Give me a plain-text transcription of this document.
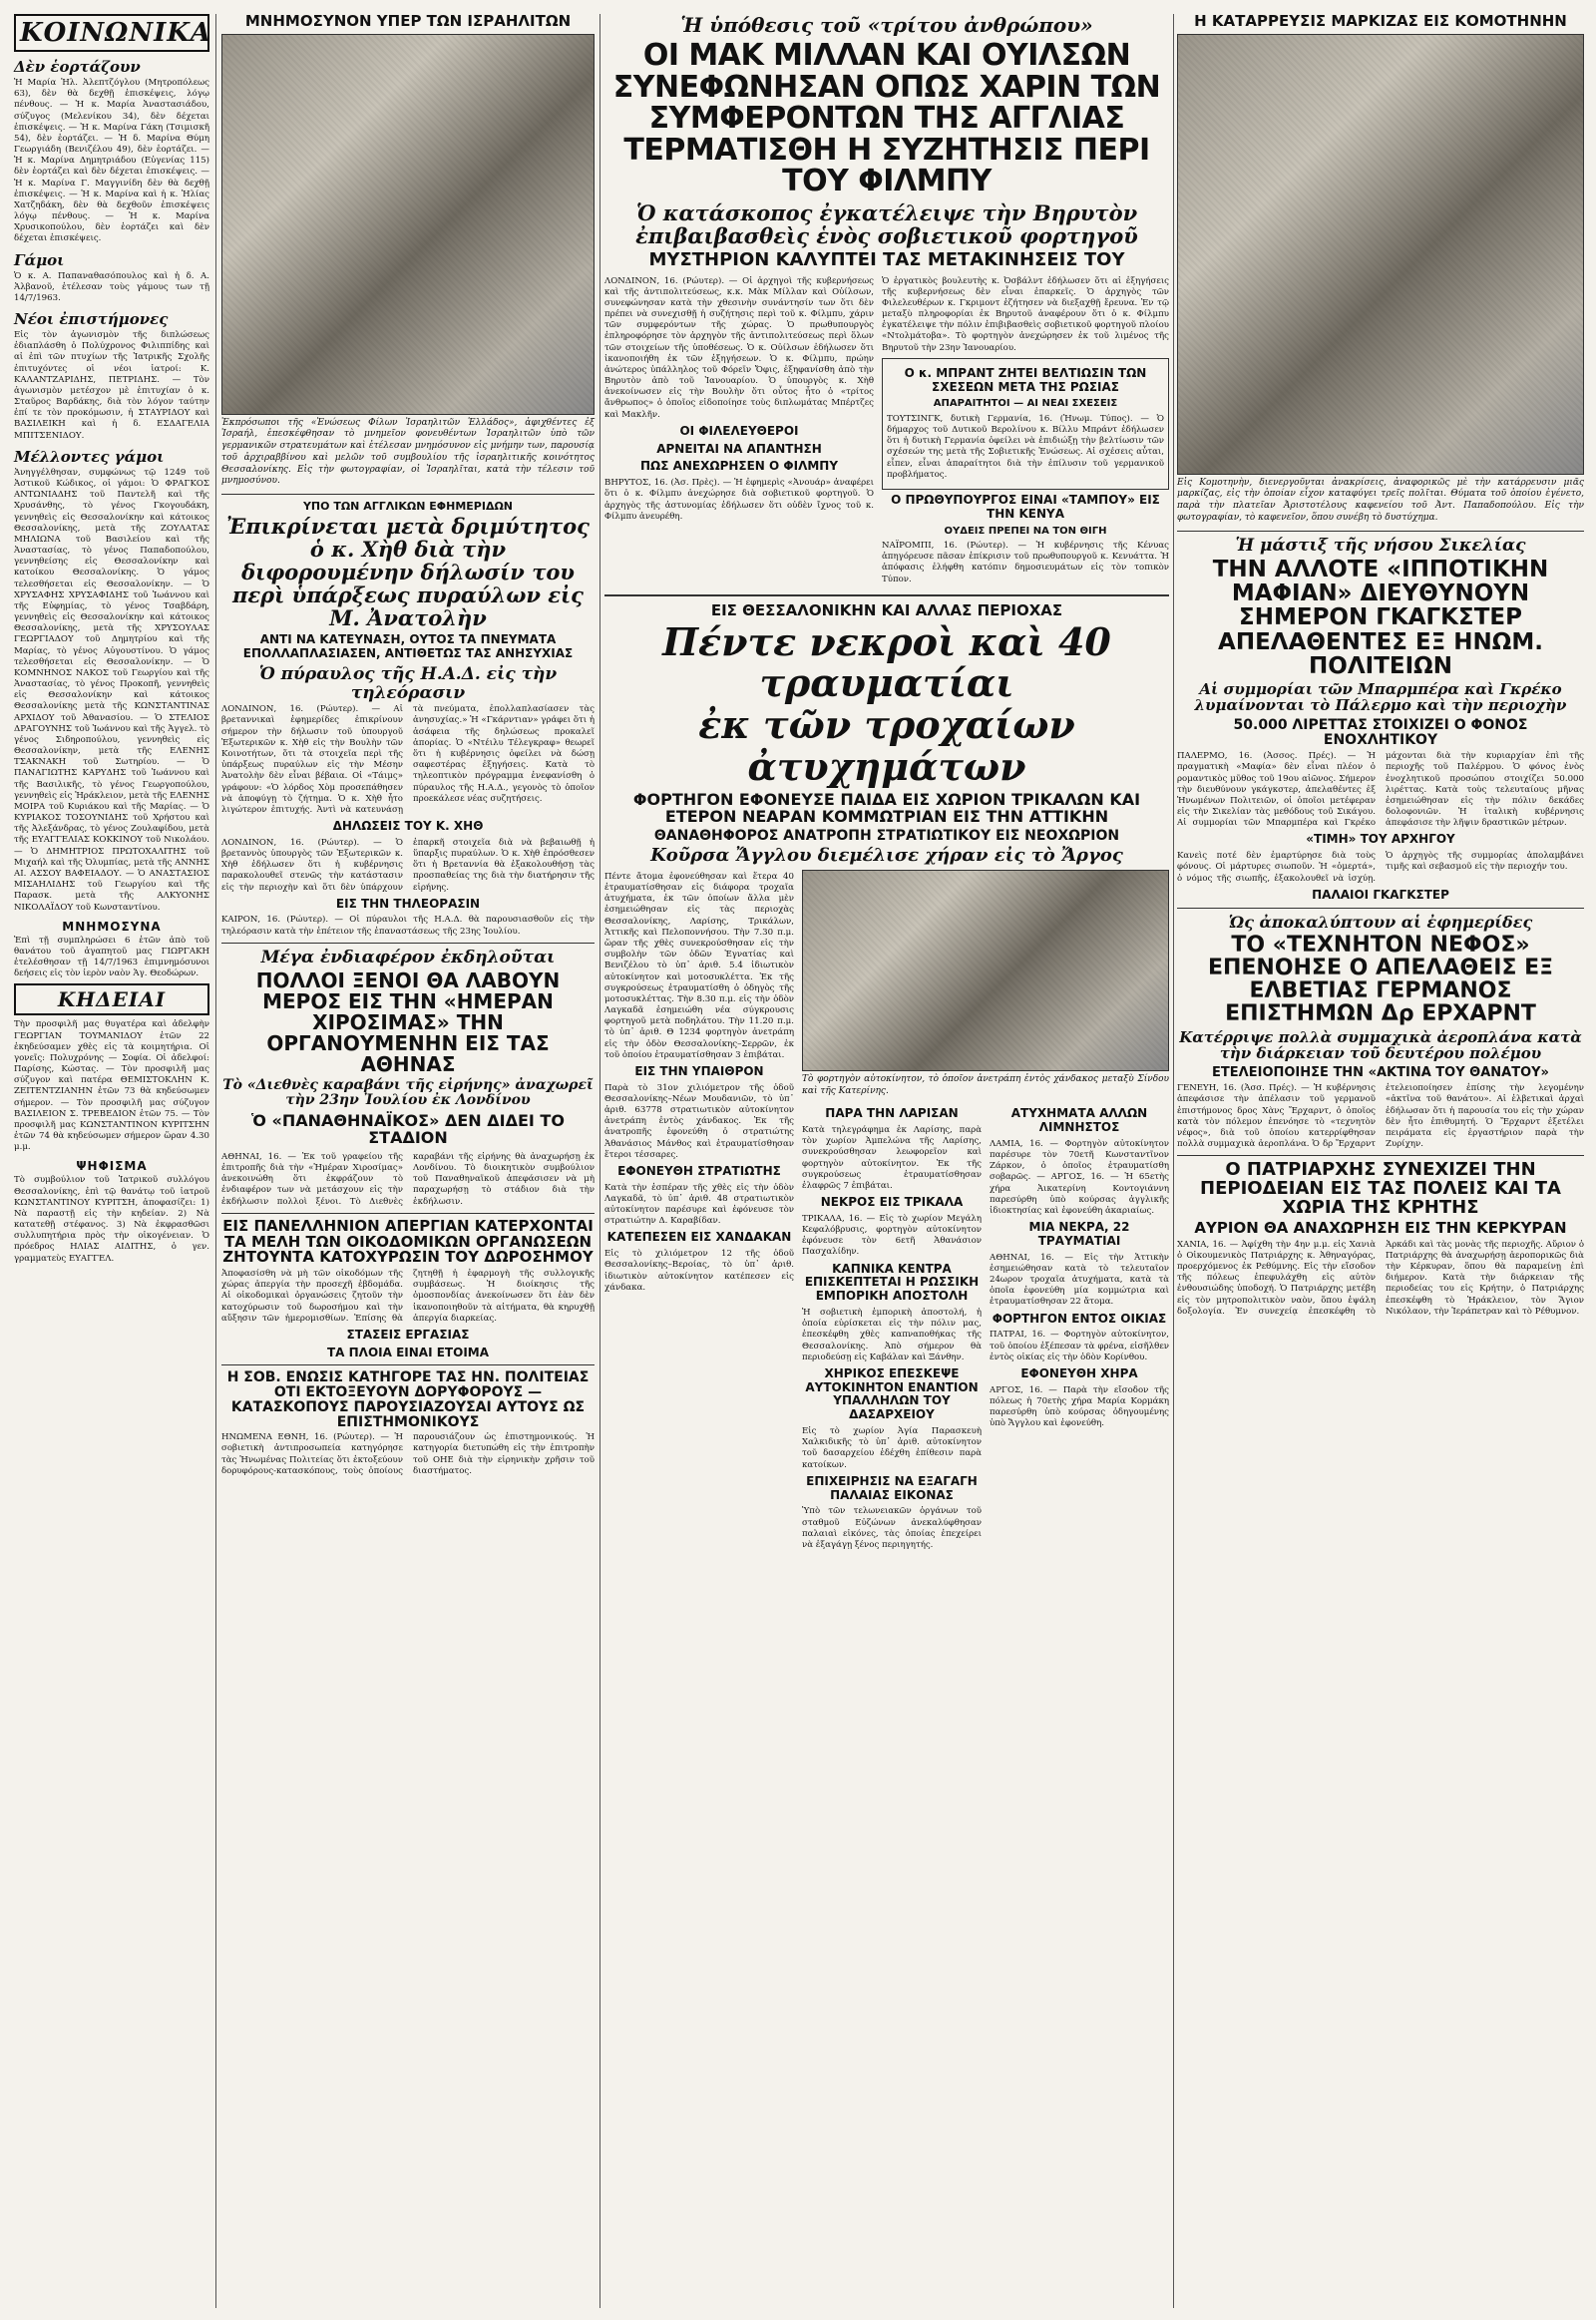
ΚΟΙΝΩΝΙΚΑ
Δὲν ἑορτάζουν
Ἡ Μαρία Ἡλ. Ἀλεπτζόγλου (Μητροπόλεως 63), δὲν θὰ δεχθῇ ἐπισκέψεις, λόγῳ πένθους. — Ἡ κ. Μαρία Ἀναστασιάδου, σύζυγος (Μελενίκου 34), δὲν δέχεται ἐπισκέψεις. — Ἡ κ. Μαρίνα Γάκη (Τσιμισκῆ 54), δὲν ἑορτάζει. — Ἡ δ. Μαρίνα Θύμη Γεωργιάδη (Βενιζέλου 49), δὲν ἑορτάζει. — Ἡ κ. Μαρίνα Δημητριάδου (Εὐγενίας 115) δὲν ἑορτάζει καὶ δὲν δέχεται ἐπισκέψεις. — Ἡ κ. Μαρίνα Γ. Μαγγινίδη δὲν θὰ δεχθῇ ἐπισκέψεις. — Ἡ κ. Μαρίνα καὶ ἡ κ. Ἠλίας Χατζηδάκη, δὲν θὰ δεχθοῦν ἐπισκέψεις λόγῳ πένθους. — Ἡ κ. Μαρίνα Χρυσικοπούλου, δὲν ἑορτάζει καὶ δὲν δέχεται ἐπισκέψεις.
Γάμοι
Ὁ κ. Α. Παπαναθασόπουλος καὶ ἡ δ. Α. Ἀλβανοῦ, ἐτέλεσαν τοὺς γάμους των τῇ 14/7/1963.
Νέοι ἐπιστήμονες
Εἰς τὸν ἀγωνισμὸν τῆς διπλώσεως ἐδιαπλάσθη ὁ Πολύχρονος Φιλιππίδης καὶ αἱ ἐπὶ τῶν πτυχίων τῆς Ἰατρικῆς Σχολῆς ἐπιτυχόντες οἱ νέοι ἰατροί: Κ. ΚΑΛΑΝΤΖΑΡΙΔΗΣ, ΠΕΤΡΙΔΗΣ. — Τὸν ἀγωνισμὸν μετέσχον μὲ ἐπιτυχίαν ὁ κ. Σταῦρος Βαρδάκης, διὰ τὸν λόγον ταύτην ἐπί τε τὸν προκόμωσιν, ἡ ΣΤΑΥΡΙΔΟΥ καὶ ΒΑΣΙΛΕΙΚΗ καὶ ἡ δ. ΕΣΔΑΓΕΛΙΑ ΜΠΙΤΣΕΝΙΔΟΥ.
Μέλλοντες γάμοι
Ἀνηγγέλθησαν, συμφώνως τῷ 1249 τοῦ Ἀστικοῦ Κώδικος, οἱ γάμοι: Ὁ ΦΡΑΓΚΟΣ ΑΝΤΩΝΙΑΔΗΣ τοῦ Παντελῆ καὶ τῆς Χρυσάνθης, τὸ γένος Γκογουδάκη, γεννηθεὶς εἰς Θεσσαλονίκην καὶ κάτοικος Θεσσαλονίκης, μετὰ τῆς ΖΟΥΛΑΤΑΣ ΜΗΛΙΩΝΑ τοῦ Βασιλείου καὶ τῆς Ἀναστασίας, τὸ γένος Παπαδοπούλου, γεννηθείσης εἰς Θεσσαλονίκην καὶ κατοίκου Θεσσαλονίκης. Ὁ γάμος τελεσθήσεται εἰς Θεσσαλονίκην. — Ὁ ΧΡΥΣΑΦΗΣ ΧΡΥΣΑΦΙΔΗΣ τοῦ Ἰωάννου καὶ τῆς Εὐφημίας, τὸ γένος Τσαβδάρη, γεννηθεὶς εἰς Θεσσαλονίκην καὶ κάτοικος Θεσσαλονίκης, μετὰ τῆς ΧΡΥΣΟΥΛΑΣ ΓΕΩΡΓΙΑΔΟΥ τοῦ Δημητρίου καὶ τῆς Μαρίας, τὸ γένος Αὐγουστίνου. Ὁ γάμος τελεσθήσεται εἰς Θεσσαλονίκην. — Ὁ ΚΟΜΝΗΝΟΣ ΝΑΚΟΣ τοῦ Γεωργίου καὶ τῆς Ἀναστασίας, τὸ γένος Προκοπῆ, γεννηθεὶς εἰς Θεσσαλονίκην καὶ κάτοικος Θεσσαλονίκης μετὰ τῆς ΚΩΝΣΤΑΝΤΙΝΑΣ ΑΡΧΙΔΟΥ τοῦ Ἀθανασίου. — Ὁ ΣΤΕΛΙΟΣ ΔΡΑΓΟΥΝΗΣ τοῦ Ἰωάννου καὶ τῆς Ἀγγελ. τὸ γένος Σιδηροπούλου, γεννηθεὶς εἰς Θεσσαλονίκην, μετὰ τῆς ΕΛΕΝΗΣ ΤΣΑΚΝΑΚΗ τοῦ Σωτηρίου. — Ὁ ΠΑΝΑΓΙΩΤΗΣ ΚΑΡΥΔΗΣ τοῦ Ἰωάννου καὶ τῆς Βασιλικῆς, τὸ γένος Γεωργοπούλου, γεννηθεὶς εἰς Ἠράκλειον, μετὰ τῆς ΕΛΕΝΗΣ ΜΟΙΡΑ τοῦ Κυριάκου καὶ τῆς Μαρίας. — Ὁ ΚΥΡΙΑΚΟΣ ΤΟΣΟΥΝΙΔΗΣ τοῦ Χρήστου καὶ τῆς Ἀλεξάνδρας, τὸ γένος Ζουλαφίδου, μετὰ τῆς ΕΥΑΓΓΕΛΙΑΣ ΚΟΚΚΙΝΟΥ τοῦ Νικολάου. — Ὁ ΔΗΜΗΤΡΙΟΣ ΠΡΩΤΟΧΑΛΙΤΗΣ τοῦ Μιχαήλ καὶ τῆς Ὀλυμπίας, μετὰ τῆς ΑΝΝΗΣ ΑΙ. ΑΣΣΟΥ ΒΑΦΕΙΑΔΟΥ. — Ὁ ΑΝΑΣΤΑΣΙΟΣ ΜΙΣΑΗΛΙΔΗΣ τοῦ Γεωργίου καὶ τῆς Παρασκ. μετὰ τῆς ΑΛΚΥΟΝΗΣ ΝΙΚΟΛΑΪΔΟΥ τοῦ Κωνσταντίνου.
ΜΝΗΜΟΣΥΝΑ
Ἐπὶ τῇ συμπληρώσει 6 ἐτῶν ἀπὸ τοῦ θανάτου τοῦ ἀγαπητοῦ μας ΓΙΩΡΓΑΚΗ ἐτελέσθησαν τῇ 14/7/1963 ἐπιμνημόσυνοι δεήσεις εἰς τὸν ἱερὸν ναὸν Ἁγ. Θεοδώρων.
ΚΗΔΕΙΑΙ
Τὴν προσφιλῆ μας θυγατέρα καὶ ἀδελφὴν ΓΕΩΡΓΙΑΝ ΤΟΥΜΑΝΙΔΟΥ ἐτῶν 22 ἐκηδεύσαμεν χθὲς εἰς τὰ κοιμητήρια. Οἱ γονεῖς: Πολυχρόνης — Σοφία. Οἱ ἀδελφοί: Παρίσης, Κώστας. — Τὸν προσφιλῆ μας σύζυγον καὶ πατέρα ΘΕΜΙΣΤΟΚΛΗΝ Κ. ΖΕΙΤΕΝΤΖΙΑΝΗΝ ἐτῶν 73 θὰ κηδεύσωμεν σήμερον. — Τὸν προσφιλῆ μας σύζυγον ΒΑΣΙΛΕΙΟΝ Σ. ΤΡΕΒΕΔΙΟΝ ἐτῶν 75. — Τὸν προσφιλῆ μας ΚΩΝΣΤΑΝΤΙΝΟΝ ΚΥΡΙΤΣΗΝ ἐτῶν 74 θὰ κηδεύσωμεν σήμερον ὥραν 4.30 μ.μ.
ΨΗΦΙΣΜΑ
Τὸ συμβούλιον τοῦ Ἰατρικοῦ συλλόγου Θεσσαλονίκης, ἐπὶ τῷ θανάτῳ τοῦ ἰατροῦ ΚΩΝΣΤΑΝΤΙΝΟΥ ΚΥΡΙΤΣΗ, ἀποφασίζει: 1) Νὰ παραστῇ εἰς τὴν κηδείαν. 2) Νὰ κατατεθῇ στέφανος. 3) Νὰ ἐκφρασθῶσι συλλυπητήρια πρὸς τὴν οἰκογένειαν. Ὁ πρόεδρος ΗΛΙΑΣ ΑΙΔΙΤΗΣ, ὁ γεν. γραμματεὺς ΕΥΑΓΓΕΛ.
ΜΝΗΜΟΣΥΝΟΝ ΥΠΕΡ ΤΩΝ ΙΣΡΑΗΛΙΤΩΝ
Ἐκπρόσωποι τῆς «Ἑνώσεως Φίλων Ἰσραηλιτῶν Ἑλλάδος», ἀφιχθέντες ἐξ Ἰσραήλ, ἐπεσκέφθησαν τὸ μνημεῖον φονευθέντων Ἰσραηλιτῶν ὑπὸ τῶν γερμανικῶν στρατευμάτων καὶ ἐτέλεσαν μνημόσυνον εἰς μνήμην των, παρουσίᾳ τοῦ ἀρχιραββίνου καὶ μελῶν τοῦ συμβουλίου τῆς ἰσραηλιτικῆς κοινότητος Θεσσαλονίκης. Εἰς τὴν φωτογραφίαν, οἱ Ἰσραηλῖται, κατὰ τὴν τέλεσιν τοῦ μνημοσύνου.
ΥΠΟ ΤΩΝ ΑΓΓΛΙΚΩΝ ΕΦΗΜΕΡΙΔΩΝ
Ἐπικρίνεται μετὰ δριμύτητος ὁ κ. Χὴθ διὰ τὴν διφορουμένην δήλωσίν του περὶ ὑπάρξεως πυραύλων εἰς Μ. Ἀνατολὴν
ΑΝΤΙ ΝΑ ΚΑΤΕΥΝΑΣΗ, ΟΥΤΟΣ ΤΑ ΠΝΕΥΜΑΤΑ ΕΠΟΛΛΑΠΛΑΣΙΑΣΕΝ, ΑΝΤΙΘΕΤΩΣ ΤΑΣ ΑΝΗΣΥΧΙΑΣ
Ὁ πύραυλος τῆς Η.Α.Δ. εἰς τὴν τηλεόρασιν
ΛΟΝΔΙΝΟΝ, 16. (Ρώυτερ). — Αἱ βρεταννικαὶ ἐφημερίδες ἐπικρίνουν σήμερον τὴν δήλωσιν τοῦ ὑπουργοῦ Ἐξωτερικῶν κ. Χὴθ εἰς τὴν Βουλὴν τῶν Κοινοτήτων, ὅτι τὰ στοιχεῖα περὶ τῆς ὑπάρξεως πυραύλων εἰς τὴν Μέσην Ἀνατολὴν δὲν εἶναι βέβαια. Οἱ «Τάιμς» γράφουν: «Ὁ λόρδος Χὸμ προσεπάθησεν νὰ ἀποφύγῃ τὸ ζήτημα. Ὁ κ. Χὴθ ἦτο λιγώτερον ἐπιτυχής. Ἀντὶ νὰ κατευνάσῃ τὰ πνεύματα, ἐπολλαπλασίασεν τὰς ἀνησυχίας.» Ἡ «Γκάρντιαν» γράφει ὅτι ἡ ἀσάφεια τῆς δηλώσεως προκαλεῖ ἀπορίας. Ὁ «Ντέιλυ Τέλεγκραφ» θεωρεῖ ὅτι ἡ κυβέρνησις ὀφείλει νὰ δώσῃ σαφεστέρας ἐξηγήσεις. Κατὰ τὸ τηλεοπτικὸν πρόγραμμα ἐνεφανίσθη ὁ πύραυλος τῆς Η.Α.Δ., γεγονὸς τὸ ὁποῖον προεκάλεσε νέας συζητήσεις.
ΔΗΛΩΣΕΙΣ ΤΟΥ Κ. ΧΗΘ
ΛΟΝΔΙΝΟΝ, 16. (Ρώυτερ). — Ὁ βρεταννὸς ὑπουργὸς τῶν Ἐξωτερικῶν κ. Χὴθ ἐδήλωσεν ὅτι ἡ κυβέρνησις παρακολουθεῖ στενῶς τὴν κατάστασιν εἰς τὴν περιοχὴν καὶ ὅτι δὲν ὑπάρχουν ἐπαρκῆ στοιχεῖα διὰ νὰ βεβαιωθῇ ἡ ὕπαρξις πυραύλων. Ὁ κ. Χὴθ ἐπρόσθεσεν ὅτι ἡ Βρεταννία θὰ ἐξακολουθήσῃ τὰς προσπαθείας της διὰ τὴν διατήρησιν τῆς εἰρήνης.
ΕΙΣ ΤΗΝ ΤΗΛΕΟΡΑΣΙΝ
ΚΑΙΡΟΝ, 16. (Ρώυτερ). — Οἱ πύραυλοι τῆς Η.Α.Δ. θὰ παρουσιασθοῦν εἰς τὴν τηλεόρασιν κατὰ τὴν ἐπέτειον τῆς ἐπαναστάσεως τῆς 23ης Ἰουλίου.
Μέγα ἐνδιαφέρον ἐκδηλοῦται
ΠΟΛΛΟΙ ΞΕΝΟΙ ΘΑ ΛΑΒΟΥΝ ΜΕΡΟΣ ΕΙΣ ΤΗΝ «ΗΜΕΡΑΝ ΧΙΡΟΣΙΜΑΣ» ΤΗΝ ΟΡΓΑΝΟΥΜΕΝΗΝ ΕΙΣ ΤΑΣ ΑΘΗΝΑΣ
Τὸ «Διεθνὲς καραβάνι τῆς εἰρήνης» ἀναχωρεῖ τὴν 23ην Ἰουλίου ἐκ Λονδίνου
Ὁ «ΠΑΝΑΘΗΝΑΪΚΟΣ» ΔΕΝ ΔΙΔΕΙ ΤΟ ΣΤΑΔΙΟΝ
ΑΘΗΝΑΙ, 16. — Ἐκ τοῦ γραφείου τῆς ἐπιτροπῆς διὰ τὴν «Ἡμέραν Χιροσίμας» ἀνεκοινώθη ὅτι ἐκφράζουν τὸ ἐνδιαφέρον των νὰ μετάσχουν εἰς τὴν ἐκδήλωσιν πολλοὶ ξένοι. Τὸ Διεθνὲς καραβάνι τῆς εἰρήνης θὰ ἀναχωρήσῃ ἐκ Λονδίνου. Τὸ διοικητικὸν συμβούλιον τοῦ Παναθηναϊκοῦ ἀπεφάσισεν νὰ μὴ παραχωρήσῃ τὸ στάδιον διὰ τὴν ἐκδήλωσιν.
ΕΙΣ ΠΑΝΕΛΛΗΝΙΟΝ ΑΠΕΡΓΙΑΝ ΚΑΤΕΡΧΟΝΤΑΙ ΤΑ ΜΕΛΗ ΤΩΝ ΟΙΚΟΔΟΜΙΚΩΝ ΟΡΓΑΝΩΣΕΩΝ ΖΗΤΟΥΝΤΑ ΚΑΤΟΧΥΡΩΣΙΝ ΤΟΥ ΔΩΡΟΣΗΜΟΥ
Ἀποφασίσθη νὰ μὴ τῶν οἰκοδόμων τῆς χώρας ἀπεργία τὴν προσεχῆ ἑβδομάδα. Αἱ οἰκοδομικαὶ ὀργανώσεις ζητοῦν τὴν κατοχύρωσιν τοῦ δωροσήμου καὶ τὴν αὔξησιν τῶν ἡμερομισθίων. Ἐπίσης θὰ ζητηθῇ ἡ ἐφαρμογὴ τῆς συλλογικῆς συμβάσεως. Ἡ διοίκησις τῆς ὁμοσπονδίας ἀνεκοίνωσεν ὅτι ἐὰν δὲν ἱκανοποιηθοῦν τὰ αἰτήματα, θὰ κηρυχθῇ ἀπεργία διαρκείας.
ΣΤΑΣΕΙΣ ΕΡΓΑΣΙΑΣ
ΤΑ ΠΛΟΙΑ ΕΙΝΑΙ ΕΤΟΙΜΑ
Η ΣΟΒ. ΕΝΩΣΙΣ ΚΑΤΗΓΟΡΕ ΤΑΣ ΗΝ. ΠΟΛΙΤΕΙΑΣ ΟΤΙ ΕΚΤΟΞΕΥΟΥΝ ΔΟΡΥΦΟΡΟΥΣ — ΚΑΤΑΣΚΟΠΟΥΣ ΠΑΡΟΥΣΙΑΖΟΥΣΑΙ ΑΥΤΟΥΣ ΩΣ ΕΠΙΣΤΗΜΟΝΙΚΟΥΣ
ΗΝΩΜΕΝΑ ΕΘΝΗ, 16. (Ρώυτερ). — Ἡ σοβιετικὴ ἀντιπροσωπεία κατηγόρησε τὰς Ἡνωμένας Πολιτείας ὅτι ἐκτοξεύουν δορυφόρους-κατασκόπους, τοὺς ὁποίους παρουσιάζουν ὡς ἐπιστημονικούς. Ἡ κατηγορία διετυπώθη εἰς τὴν ἐπιτροπὴν τοῦ ΟΗΕ διὰ τὴν εἰρηνικὴν χρῆσιν τοῦ διαστήματος.
Ἡ ὑπόθεσις τοῦ «τρίτου ἀνθρώπου»
ΟΙ ΜΑΚ ΜΙΛΛΑΝ ΚΑΙ ΟΥΙΛΣΩΝ ΣΥΝΕΦΩΝΗΣΑΝ ΟΠΩΣ ΧΑΡΙΝ ΤΩΝ ΣΥΜΦΕΡΟΝΤΩΝ ΤΗΣ ΑΓΓΛΙΑΣ ΤΕΡΜΑΤΙΣΘΗ Η ΣΥΖΗΤΗΣΙΣ ΠΕΡΙ ΤΟΥ ΦΙΛΜΠΥ
Ὁ κατάσκοπος ἐγκατέλειψε τὴν Βηρυτὸν ἐπιβαιβασθεὶς ἑνὸς σοβιετικοῦ φορτηγοῦ
ΜΥΣΤΗΡΙΟΝ ΚΑΛΥΠΤΕΙ ΤΑΣ ΜΕΤΑΚΙΝΗΣΕΙΣ ΤΟΥ
ΛΟΝΔΙΝΟΝ, 16. (Ρώυτερ). — Οἱ ἀρχηγοὶ τῆς κυβερνήσεως καὶ τῆς ἀντιπολιτεύσεως, κ.κ. Μὰκ Μίλλαν καὶ Οὐίλσων, συνεφώνησαν κατὰ τὴν χθεσινὴν συνάντησίν των ὅτι δὲν πρέπει νὰ συνεχισθῇ ἡ συζήτησις περὶ τοῦ κ. Φίλμπυ, χάριν τῶν συμφερόντων τῆς χώρας. Ὁ πρωθυπουργὸς ἐπληροφόρησε τὸν ἀρχηγὸν τῆς ἀντιπολιτεύσεως περὶ ὅλων τῶν στοιχείων τῆς ὑποθέσεως. Ὁ κ. Οὐίλσων ἐδήλωσεν ὅτι ἱκανοποιήθη ἐκ τῶν ἐξηγήσεων. Ὁ κ. Φίλμπυ, πρώην ἀνώτερος ὑπάλληλος τοῦ Φόρεϊν Ὄφις, ἐξηφανίσθη ἀπὸ τὴν Βηρυτὸν ἀπὸ τοῦ Ἰανουαρίου. Ὁ ὑπουργὸς κ. Χὴθ ἀνεκοίνωσεν εἰς τὴν Βουλὴν ὅτι οὗτος ἦτο ὁ «τρίτος ἄνθρωπος» ὁ ὁποῖος εἰδοποίησε τοὺς διπλωμάτας Μπέρτζες καὶ Μακλῆν.
ΟΙ ΦΙΛΕΛΕΥΘΕΡΟΙ
ΑΡΝΕΙΤΑΙ ΝΑ ΑΠΑΝΤΗΣΗ
ΠΩΣ ΑΝΕΧΩΡΗΣΕΝ Ο ΦΙΛΜΠΥ
ΒΗΡΥΤΟΣ, 16. (Ἀσ. Πρὲς). — Ἡ ἐφημερὶς «Ἀνουάρ» ἀναφέρει ὅτι ὁ κ. Φίλμπυ ἀνεχώρησε διὰ σοβιετικοῦ φορτηγοῦ. Ὁ ἀρχηγὸς τῆς ἀστυνομίας ἐδήλωσεν ὅτι οὐδὲν ἴχνος τοῦ κ. Φίλμπυ ἀνευρέθη.
Ὁ ἐργατικὸς βουλευτὴς κ. Ὀσβάλντ ἐδήλωσεν ὅτι αἱ ἐξηγήσεις τῆς κυβερνήσεως δὲν εἶναι ἐπαρκεῖς. Ὁ ἀρχηγὸς τῶν Φιλελευθέρων κ. Γκριμοντ ἐζήτησεν νὰ διεξαχθῇ ἔρευνα. Ἐν τῷ μεταξὺ πληροφορίαι ἐκ Βηρυτοῦ ἀναφέρουν ὅτι ὁ κ. Φίλμπυ ἐγκατέλειψε τὴν πόλιν ἐπιβιβασθεὶς σοβιετικοῦ φορτηγοῦ πλοίου «Ντολμάτοβα». Τὸ φορτηγὸν ἀνεχώρησεν ἐκ τοῦ λιμένος τῆς Βηρυτοῦ τὴν 23ην Ἰανουαρίου.
Ο κ. ΜΠΡΑΝΤ ΖΗΤΕΙ ΒΕΛΤΙΩΣΙΝ ΤΩΝ ΣΧΕΣΕΩΝ ΜΕΤΑ ΤΗΣ ΡΩΣΙΑΣ
ΑΠΑΡΑΙΤΗΤΟΙ — ΑΙ ΝΕΑΙ ΣΧΕΣΕΙΣ
ΤΟΥΤΣΙΝΓΚ, δυτικὴ Γερμανία, 16. (Ἡνωμ. Τύπος). — Ὁ δήμαρχος τοῦ Δυτικοῦ Βερολίνου κ. Βίλλυ Μπράντ ἐδήλωσεν ὅτι ἡ δυτικὴ Γερμανία ὀφείλει νὰ ἐπιδιώξῃ τὴν βελτίωσιν τῶν σχέσεών της μετὰ τῆς Σοβιετικῆς Ἑνώσεως. Αἱ σχέσεις αὗται, εἶπεν, εἶναι ἀπαραίτητοι διὰ τὴν ἐπίλυσιν τοῦ γερμανικοῦ προβλήματος.
Ο ΠΡΩΘΥΠΟΥΡΓΟΣ ΕΙΝΑΙ «ΤΑΜΠΟΥ» ΕΙΣ ΤΗΝ ΚΕΝΥΑ
ΟΥΔΕΙΣ ΠΡΕΠΕΙ ΝΑ ΤΟΝ ΘΙΓΗ
ΝΑΪΡΟΜΠΙ, 16. (Ρώυτερ). — Ἡ κυβέρνησις τῆς Κένυας ἀπηγόρευσε πᾶσαν ἐπίκρισιν τοῦ πρωθυπουργοῦ κ. Κενυάττα. Ἡ ἀπόφασις ἐλήφθη κατόπιν δημοσιευμάτων εἰς τὸν τοπικὸν Τύπον.
ΕΙΣ ΘΕΣΣΑΛΟΝΙΚΗΝ ΚΑΙ ΑΛΛΑΣ ΠΕΡΙΟΧΑΣ
Πέντε νεκροὶ καὶ 40 τραυματίαι
ἐκ τῶν τροχαίων ἀτυχημάτων
ΦΟΡΤΗΓΟΝ ΕΦΟΝΕΥΣΕ ΠΑΙΔΑ ΕΙΣ ΧΩΡΙΟΝ ΤΡΙΚΑΛΩΝ ΚΑΙ ΕΤΕΡΟΝ ΝΕΑΡΑΝ ΚΟΜΜΩΤΡΙΑΝ ΕΙΣ ΤΗΝ ΑΤΤΙΚΗΝ
ΘΑΝΑΘΗΦΟΡΟΣ ΑΝΑΤΡΟΠΗ ΣΤΡΑΤΙΩΤΙΚΟΥ ΕΙΣ ΝΕΟΧΩΡΙΟΝ
Κοῦρσα Ἄγγλου διεμέλισε χήραν εἰς τὸ Ἄργος
Πέντε ἄτομα ἐφονεύθησαν καὶ ἕτερα 40 ἐτραυματίσθησαν εἰς διάφορα τροχαῖα ἀτυχήματα, ἐκ τῶν ὁποίων ἄλλα μὲν ἐσημειώθησαν εἰς τὰς περιοχὰς Θεσσαλονίκης, Λαρίσης, Τρικάλων, Ἀττικῆς καὶ Πελοποννήσου. Τὴν 7.30 π.μ. ὥραν τῆς χθὲς συνεκρούσθησαν εἰς τὴν συμβολὴν τῶν ὁδῶν Ἐγνατίας καὶ Βενιζέλου τὸ ὑπ᾽ ἀριθ. 5.4 ἰδιωτικὸν αὐτοκίνητον καὶ μοτοσυκλέττα. Ἐκ τῆς συγκρούσεως ἐτραυματίσθη ὁ ὁδηγὸς τῆς μοτοσυκλέττας. Τὴν 8.30 π.μ. εἰς τὴν ὁδὸν Λαγκαδᾶ ἐσημειώθη νέα σύγκρουσις φορτηγοῦ μετὰ ποδηλάτου. Τὴν 11.20 π.μ. τὸ ὑπ᾽ ἀριθ. Θ 1234 φορτηγὸν ἀνετράπη εἰς τὴν ὁδὸν Θεσσαλονίκης–Σερρῶν, ἐκ τοῦ ὁποίου ἐτραυματίσθησαν 3 ἐπιβάται.
ΕΙΣ ΤΗΝ ΥΠΑΙΘΡΟΝ
Παρὰ τὸ 31ον χιλιόμετρον τῆς ὁδοῦ Θεσσαλονίκης–Νέων Μουδανιῶν, τὸ ὑπ᾽ ἀριθ. 63778 στρατιωτικὸν αὐτοκίνητον ἀνετράπη ἐντὸς χάνδακος. Ἐκ τῆς ἀνατροπῆς ἐφονεύθη ὁ στρατιώτης Ἀθανάσιος Μάνθος καὶ ἐτραυματίσθησαν ἕτεροι τέσσαρες.
ΕΦΟΝΕΥΘΗ ΣΤΡΑΤΙΩΤΗΣ
Κατὰ τὴν ἐσπέραν τῆς χθὲς εἰς τὴν ὁδὸν Λαγκαδᾶ, τὸ ὑπ᾽ ἀριθ. 48 στρατιωτικὸν αὐτοκίνητον παρέσυρε καὶ ἐφόνευσε τὸν στρατιώτην Δ. Καραβίδαν.
ΚΑΤΕΠΕΣΕΝ ΕΙΣ ΧΑΝΔΑΚΑΝ
Εἰς τὸ χιλιόμετρον 12 τῆς ὁδοῦ Θεσσαλονίκης–Βεροίας, τὸ ὑπ᾽ ἀριθ. ἰδιωτικὸν αὐτοκίνητον κατέπεσεν εἰς χάνδακα.
Τὸ φορτηγὸν αὐτοκίνητον, τὸ ὁποῖον ἀνετράπη ἐντὸς χάνδακος μεταξὺ Σίνδου καὶ τῆς Κατερίνης.
ΠΑΡΑ ΤΗΝ ΛΑΡΙΣΑΝ
Κατὰ τηλεγράφημα ἐκ Λαρίσης, παρὰ τὸν χωρίον Ἀμπελώνα τῆς Λαρίσης, συνεκρούσθησαν λεωφορεῖον καὶ φορτηγὸν αὐτοκίνητον. Ἐκ τῆς συγκρούσεως ἐτραυματίσθησαν ἐλαφρῶς 7 ἐπιβάται.
ΝΕΚΡΟΣ ΕΙΣ ΤΡΙΚΑΛΑ
ΤΡΙΚΑΛΑ, 16. — Εἰς τὸ χωρίον Μεγάλη Κεφαλόβρυσις, φορτηγὸν αὐτοκίνητον ἐφόνευσε τὸν 6ετῆ Ἀθανάσιον Πασχαλίδην.
ΚΑΠΝΙΚΑ ΚΕΝΤΡΑ ΕΠΙΣΚΕΠΤΕΤΑΙ Η ΡΩΣΣΙΚΗ ΕΜΠΟΡΙΚΗ ΑΠΟΣΤΟΛΗ
Ἡ σοβιετικὴ ἐμπορικὴ ἀποστολή, ἡ ὁποία εὑρίσκεται εἰς τὴν πόλιν μας, ἐπεσκέφθη χθὲς καπναποθήκας τῆς Θεσσαλονίκης. Ἀπὸ σήμερον θὰ περιοδεύσῃ εἰς Καβάλαν καὶ Ξάνθην.
ΧΗΡΙΚΟΣ ΕΠΕΣΚΕΨΕ ΑΥΤΟΚΙΝΗΤΟΝ ΕΝΑΝΤΙΟΝ ΥΠΑΛΛΗΛΩΝ ΤΟΥ ΔΑΣΑΡΧΕΙΟΥ
Εἰς τὸ χωρίον Ἀγία Παρασκευὴ Χαλκιδικῆς τὸ ὑπ᾽ ἀριθ. αὐτοκίνητον τοῦ δασαρχείου ἐδέχθη ἐπίθεσιν παρὰ κατοίκων.
ΕΠΙΧΕΙΡΗΣΙΣ ΝΑ ΕΞΑΓΑΓΗ ΠΑΛΑΙΑΣ ΕΙΚΟΝΑΣ
Ὑπὸ τῶν τελωνειακῶν ὀργάνων τοῦ σταθμοῦ Εὐζώνων ἀνεκαλύφθησαν παλαιαὶ εἰκόνες, τὰς ὁποίας ἐπεχείρει νὰ ἐξαγάγῃ ξένος περιηγητής.
ΑΤΥΧΗΜΑΤΑ ΑΛΛΩΝ ΛΙΜΝΗΣΤΟΣ
ΛΑΜΙΑ, 16. — Φορτηγὸν αὐτοκίνητον παρέσυρε τὸν 70ετῆ Κωνσταντῖνον Ζάρκον, ὁ ὁποῖος ἐτραυματίσθη σοβαρῶς. — ΑΡΓΟΣ, 16. — Ἡ 65ετὴς χήρα Ἀικατερίνη Κοντογιάννη παρεσύρθη ὑπὸ κούρσας ἀγγλικῆς ἰδιοκτησίας καὶ ἐφονεύθη ἀκαριαίως.
ΜΙΑ ΝΕΚΡΑ, 22 ΤΡΑΥΜΑΤΙΑΙ
ΑΘΗΝΑΙ, 16. — Εἰς τὴν Ἀττικὴν ἐσημειώθησαν κατὰ τὸ τελευταῖον 24ωρον τροχαῖα ἀτυχήματα, κατὰ τὰ ὁποῖα ἐφονεύθη μία κομμώτρια καὶ ἐτραυματίσθησαν 22 ἄτομα.
ΦΟΡΤΗΓΟΝ ΕΝΤΟΣ ΟΙΚΙΑΣ
ΠΑΤΡΑΙ, 16. — Φορτηγὸν αὐτοκίνητον, τοῦ ὁποίου ἐξέπεσαν τὰ φρένα, εἰσῆλθεν ἐντὸς οἰκίας εἰς τὴν ὁδὸν Κορίνθου.
ΕΦΟΝΕΥΘΗ ΧΗΡΑ
ΑΡΓΟΣ, 16. — Παρὰ τὴν εἴσοδον τῆς πόλεως ἡ 70ετὴς χήρα Μαρία Κορμάκη παρεσύρθη ὑπὸ κούρσας ὁδηγουμένης ὑπὸ Ἄγγλου καὶ ἐφονεύθη.
Η ΚΑΤΑΡΡΕΥΣΙΣ ΜΑΡΚΙΖΑΣ ΕΙΣ ΚΟΜΟΤΗΝΗΝ
Εἰς Κομοτηνὴν, διενεργοῦνται ἀνακρίσεις, ἀναφορικῶς μὲ τὴν κατάρρευσιν μιᾶς μαρκίζας, εἰς τὴν ὁποίαν εἶχον καταφύγει τρεῖς πολῖται. Θύματα τοῦ ὁποίου ἐγένετο, παρὰ τὴν πλατεῖαν Ἀριστοτέλους καφενείου τοῦ Ἀντ. Παπαδοπούλου. Εἰς τὴν φωτογραφίαν, τὸ καφενεῖον, ὅπου συνέβη τὸ δυστύχημα.
Ἡ μάστιξ τῆς νήσου Σικελίας
ΤΗΝ ΑΛΛΟΤΕ «ΙΠΠΟΤΙΚΗΝ ΜΑΦΙΑΝ» ΔΙΕΥΘΥΝΟΥΝ ΣΗΜΕΡΟΝ ΓΚΑΓΚΣΤΕΡ ΑΠΕΛΑΘΕΝΤΕΣ ΕΞ ΗΝΩΜ. ΠΟΛΙΤΕΙΩΝ
Αἱ συμμορίαι τῶν Μπαρμπέρα καὶ Γκρέκο λυμαίνονται τὸ Πάλερμο καὶ τὴν περιοχὴν
50.000 ΛΙΡΕΤΤΑΣ ΣΤΟΙΧΙΖΕΙ Ο ΦΟΝΟΣ ΕΝΟΧΛΗΤΙΚΟΥ
ΠΑΛΕΡΜΟ, 16. (Ἀσσος. Πρές). — Ἡ πραγματικὴ «Μαφία» δὲν εἶναι πλέον ὁ ρομαντικὸς μῦθος τοῦ 19ου αἰῶνος. Σήμερον τὴν διευθύνουν γκάγκστερ, ἀπελαθέντες ἐξ Ἡνωμένων Πολιτειῶν, οἱ ὁποῖοι μετέφεραν εἰς τὴν Σικελίαν τὰς μεθόδους τοῦ Σικάγου. Αἱ συμμορίαι τῶν Μπαρμπέρα καὶ Γκρέκο μάχονται διὰ τὴν κυριαρχίαν ἐπὶ τῆς περιοχῆς τοῦ Παλέρμου. Ὁ φόνος ἑνὸς ἐνοχλητικοῦ προσώπου στοιχίζει 50.000 λιρέττας. Κατὰ τοὺς τελευταίους μῆνας ἐσημειώθησαν εἰς τὴν πόλιν δεκάδες δολοφονιῶν. Ἡ ἰταλικὴ κυβέρνησις ἀπεφάσισε τὴν λῆψιν δραστικῶν μέτρων.
«ΤΙΜΗ» ΤΟΥ ΑΡΧΗΓΟΥ
Κανεὶς ποτέ δὲν ἐμαρτύρησε διὰ τοὺς φόνους. Οἱ μάρτυρες σιωποῦν. Ἡ «ὀμερτά», ὁ νόμος τῆς σιωπῆς, ἐξακολουθεῖ νὰ ἰσχύῃ. Ὁ ἀρχηγὸς τῆς συμμορίας ἀπολαμβάνει τιμῆς καὶ σεβασμοῦ εἰς τὴν περιοχήν του.
ΠΑΛΑΙΟΙ ΓΚΑΓΚΣΤΕΡ
Ὡς ἀποκαλύπτουν αἱ ἐφημερίδες
ΤΟ «ΤΕΧΝΗΤΟΝ ΝΕΦΟΣ» ΕΠΕΝΟΗΣΕ Ο ΑΠΕΛΑΘΕΙΣ ΕΞ ΕΛΒΕΤΙΑΣ ΓΕΡΜΑΝΟΣ ΕΠΙΣΤΗΜΩΝ Δρ ΕΡΧΑΡΝΤ
Κατέρριψε πολλὰ συμμαχικὰ ἀεροπλάνα κατὰ τὴν διάρκειαν τοῦ δευτέρου πολέμου
ΕΤΕΛΕΙΟΠΟΙΗΣΕ ΤΗΝ «ΑΚΤΙΝΑ ΤΟΥ ΘΑΝΑΤΟΥ»
ΓΕΝΕΥΗ, 16. (Ἀσσ. Πρές). — Ἡ κυβέρνησις ἀπεφάσισε τὴν ἀπέλασιν τοῦ γερμανοῦ ἐπιστήμονος δρος Χὰνς Ἔρχαρντ, ὁ ὁποῖος κατὰ τὸν πόλεμον ἐπενόησε τὸ «τεχνητὸν νέφος», διὰ τοῦ ὁποίου κατερρίφθησαν πολλὰ συμμαχικὰ ἀεροπλάνα. Ὁ δρ Ἔρχαρντ ἐτελειοποίησεν ἐπίσης τὴν λεγομένην «ἀκτῖνα τοῦ θανάτου». Αἱ ἑλβετικαὶ ἀρχαὶ ἐδήλωσαν ὅτι ἡ παρουσία του εἰς τὴν χώραν δὲν ἦτο ἐπιθυμητή. Ὁ Ἔρχαρντ ἐξετέλει πειράματα εἰς ἐργαστήριον παρὰ τὴν Ζυρίχην.
Ο ΠΑΤΡΙΑΡΧΗΣ ΣΥΝΕΧΙΖΕΙ ΤΗΝ ΠΕΡΙΟΔΕΙΑΝ ΕΙΣ ΤΑΣ ΠΟΛΕΙΣ ΚΑΙ ΤΑ ΧΩΡΙΑ ΤΗΣ ΚΡΗΤΗΣ
ΑΥΡΙΟΝ ΘΑ ΑΝΑΧΩΡΗΣΗ ΕΙΣ ΤΗΝ ΚΕΡΚΥΡΑΝ
ΧΑΝΙΑ, 16. — Ἀφίχθη τὴν 4ην μ.μ. εἰς Χανιὰ ὁ Οἰκουμενικὸς Πατριάρχης κ. Ἀθηναγόρας, προερχόμενος ἐκ Ρεθύμνης. Εἰς τὴν εἴσοδον τῆς πόλεως ἐπεφυλάχθη εἰς αὐτὸν ἐνθουσιώδης ὑποδοχή. Ὁ Πατριάρχης μετέβη εἰς τὸν μητροπολιτικὸν ναὸν, ὅπου ἐψάλη δοξολογία. Ἐν συνεχείᾳ ἐπεσκέφθη τὸ Ἀρκάδι καὶ τὰς μονὰς τῆς περιοχῆς. Αὔριον ὁ Πατριάρχης θὰ ἀναχωρήσῃ ἀεροπορικῶς διὰ τὴν Κέρκυραν, ὅπου θὰ παραμείνῃ ἐπὶ διήμερον. Κατὰ τὴν διάρκειαν τῆς περιοδείας του εἰς Κρήτην, ὁ Πατριάρχης ἐπεσκέφθη τὸ Ἡράκλειον, τὸν Ἅγιον Νικόλαον, τὴν Ἱεράπετραν καὶ τὸ Ρέθυμνον.
